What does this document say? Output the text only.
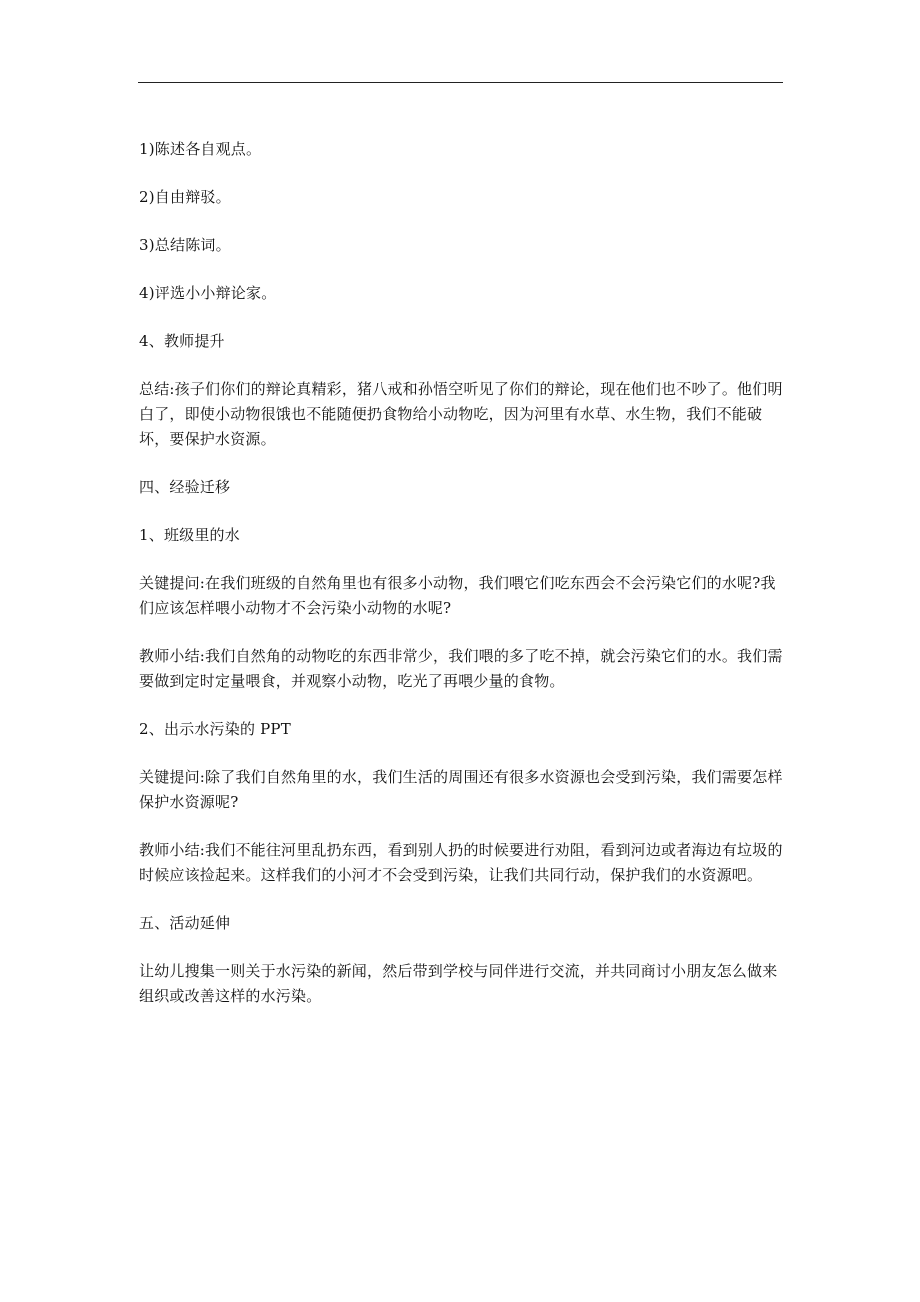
1)陈述各自观点。

2)自由辩驳。

3)总结陈词。

4)评选小小辩论家。

4、教师提升

总结:孩子们你们的辩论真精彩，猪八戒和孙悟空听见了你们的辩论，现在他们也不吵了。他们明白了，即使小动物很饿也不能随便扔食物给小动物吃，因为河里有水草、水生物，我们不能破坏，要保护水资源。

四、经验迁移

1、班级里的水

关键提问:在我们班级的自然角里也有很多小动物，我们喂它们吃东西会不会污染它们的水呢?我们应该怎样喂小动物才不会污染小动物的水呢?

教师小结:我们自然角的动物吃的东西非常少，我们喂的多了吃不掉，就会污染它们的水。我们需要做到定时定量喂食，并观察小动物，吃光了再喂少量的食物。

2、出示水污染的 PPT

关键提问:除了我们自然角里的水，我们生活的周围还有很多水资源也会受到污染，我们需要怎样保护水资源呢?

教师小结:我们不能往河里乱扔东西，看到别人扔的时候要进行劝阻，看到河边或者海边有垃圾的时候应该捡起来。这样我们的小河才不会受到污染，让我们共同行动，保护我们的水资源吧。

五、活动延伸

让幼儿搜集一则关于水污染的新闻，然后带到学校与同伴进行交流，并共同商讨小朋友怎么做来组织或改善这样的水污染。
